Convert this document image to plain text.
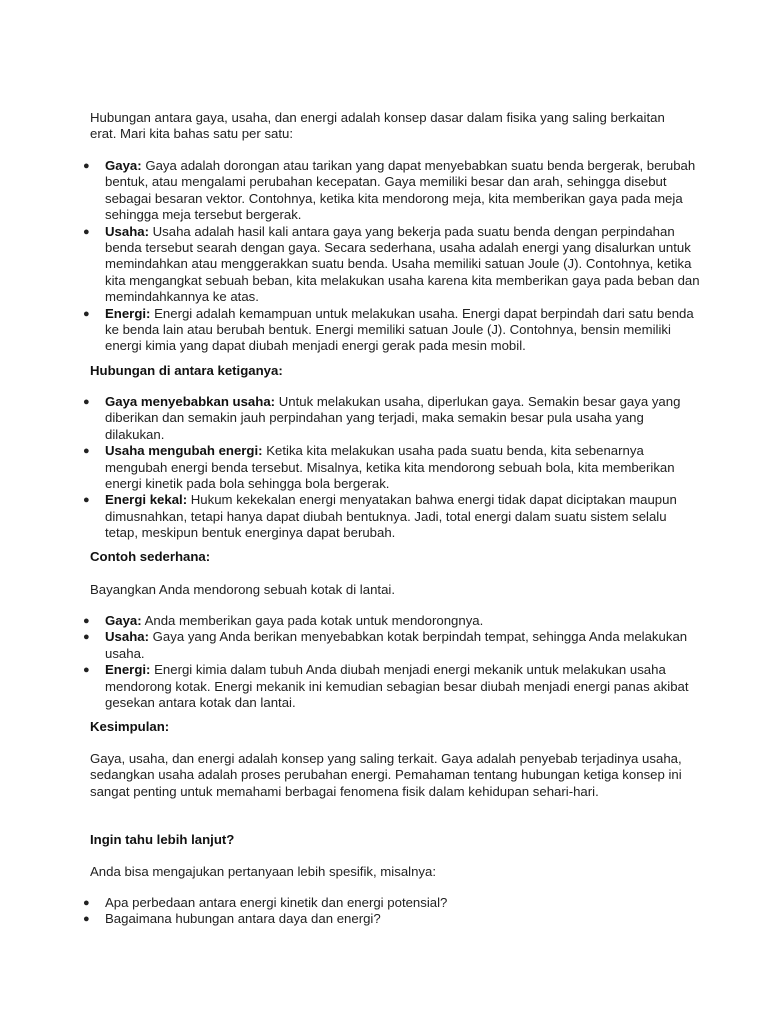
Hubungan antara gaya, usaha, dan energi adalah konsep dasar dalam fisika yang saling berkaitan erat. Mari kita bahas satu per satu:

● Gaya: Gaya adalah dorongan atau tarikan yang dapat menyebabkan suatu benda bergerak, berubah bentuk, atau mengalami perubahan kecepatan. Gaya memiliki besar dan arah, sehingga disebut sebagai besaran vektor. Contohnya, ketika kita mendorong meja, kita memberikan gaya pada meja sehingga meja tersebut bergerak.
● Usaha: Usaha adalah hasil kali antara gaya yang bekerja pada suatu benda dengan perpindahan benda tersebut searah dengan gaya. Secara sederhana, usaha adalah energi yang disalurkan untuk memindahkan atau menggerakkan suatu benda. Usaha memiliki satuan Joule (J). Contohnya, ketika kita mengangkat sebuah beban, kita melakukan usaha karena kita memberikan gaya pada beban dan memindahkannya ke atas.
● Energi: Energi adalah kemampuan untuk melakukan usaha. Energi dapat berpindah dari satu benda ke benda lain atau berubah bentuk. Energi memiliki satuan Joule (J). Contohnya, bensin memiliki energi kimia yang dapat diubah menjadi energi gerak pada mesin mobil.

Hubungan di antara ketiganya:

● Gaya menyebabkan usaha: Untuk melakukan usaha, diperlukan gaya. Semakin besar gaya yang diberikan dan semakin jauh perpindahan yang terjadi, maka semakin besar pula usaha yang dilakukan.
● Usaha mengubah energi: Ketika kita melakukan usaha pada suatu benda, kita sebenarnya mengubah energi benda tersebut. Misalnya, ketika kita mendorong sebuah bola, kita memberikan energi kinetik pada bola sehingga bola bergerak.
● Energi kekal: Hukum kekekalan energi menyatakan bahwa energi tidak dapat diciptakan maupun dimusnahkan, tetapi hanya dapat diubah bentuknya. Jadi, total energi dalam suatu sistem selalu tetap, meskipun bentuk energinya dapat berubah.

Contoh sederhana:

Bayangkan Anda mendorong sebuah kotak di lantai.

● Gaya: Anda memberikan gaya pada kotak untuk mendorongnya.
● Usaha: Gaya yang Anda berikan menyebabkan kotak berpindah tempat, sehingga Anda melakukan usaha.
● Energi: Energi kimia dalam tubuh Anda diubah menjadi energi mekanik untuk melakukan usaha mendorong kotak. Energi mekanik ini kemudian sebagian besar diubah menjadi energi panas akibat gesekan antara kotak dan lantai.

Kesimpulan:

Gaya, usaha, dan energi adalah konsep yang saling terkait. Gaya adalah penyebab terjadinya usaha, sedangkan usaha adalah proses perubahan energi. Pemahaman tentang hubungan ketiga konsep ini sangat penting untuk memahami berbagai fenomena fisik dalam kehidupan sehari-hari.

Ingin tahu lebih lanjut?

Anda bisa mengajukan pertanyaan lebih spesifik, misalnya:

● Apa perbedaan antara energi kinetik dan energi potensial?
● Bagaimana hubungan antara daya dan energi?
